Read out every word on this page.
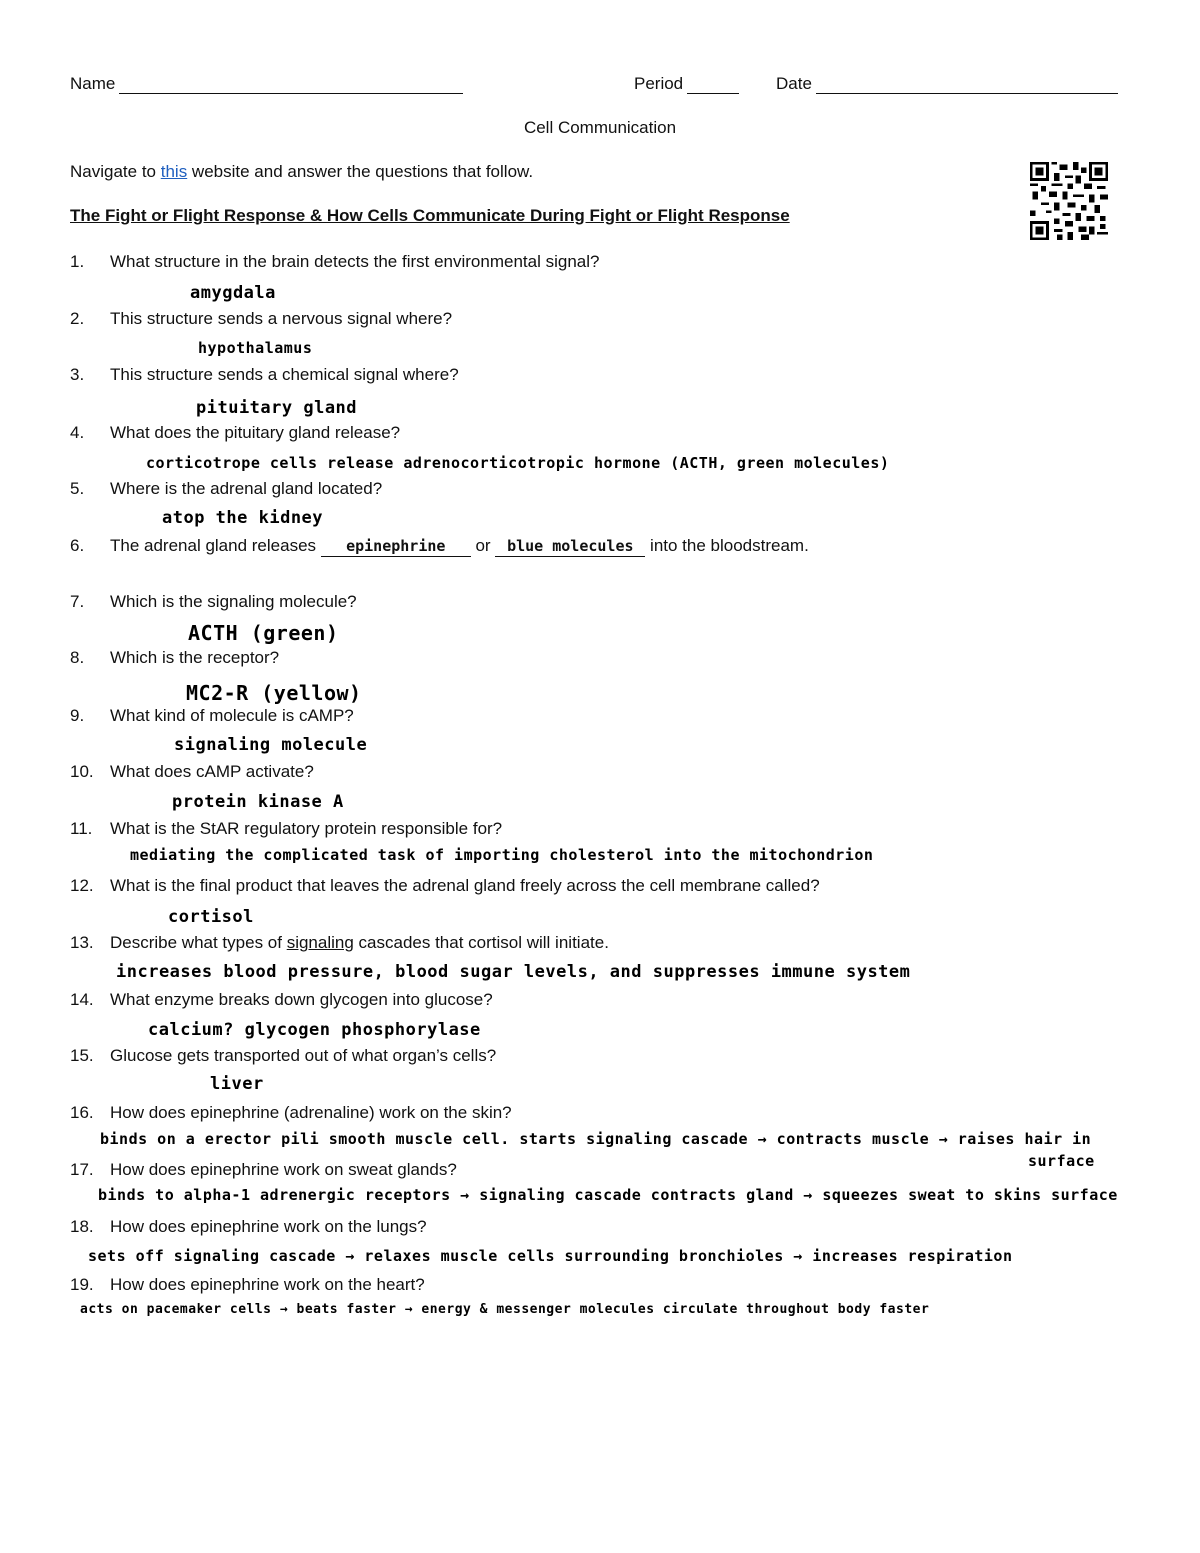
Name	Period	Date
Cell Communication
Navigate to this website and answer the questions that follow.
The Fight or Flight Response & How Cells Communicate During Fight or Flight Response
1. What structure in the brain detects the first environmental signal?
amygdala
2. This structure sends a nervous signal where?
hypothalamus
3. This structure sends a chemical signal where?
pituitary gland
4. What does the pituitary gland release?
corticotrope cells release adrenocorticotropic hormone (ACTH, green molecules)
5. Where is the adrenal gland located?
atop the kidney
6. The adrenal gland releases epinephrine or blue molecules into the bloodstream.
7. Which is the signaling molecule?
ACTH (green)
8. Which is the receptor?
MC2-R (yellow)
9. What kind of molecule is cAMP?
signaling molecule
10. What does cAMP activate?
protein kinase A
11. What is the StAR regulatory protein responsible for?
mediating the complicated task of importing cholesterol into the mitochondrion
12. What is the final product that leaves the adrenal gland freely across the cell membrane called?
cortisol
13. Describe what types of signaling cascades that cortisol will initiate.
increases blood pressure, blood sugar levels, and suppresses immune system
14. What enzyme breaks down glycogen into glucose?
calcium? glycogen phosphorylase
15. Glucose gets transported out of what organ’s cells?
liver
16. How does epinephrine (adrenaline) work on the skin?
binds on a erector pili smooth muscle cell. starts signaling cascade → contracts muscle → raises hair in
surface
17. How does epinephrine work on sweat glands?
binds to alpha-1 adrenergic receptors → signaling cascade contracts gland → squeezes sweat to skins surface
18. How does epinephrine work on the lungs?
sets off signaling cascade → relaxes muscle cells surrounding bronchioles → increases respiration
19. How does epinephrine work on the heart?
acts on pacemaker cells → beats faster → energy & messenger molecules circulate throughout body faster
